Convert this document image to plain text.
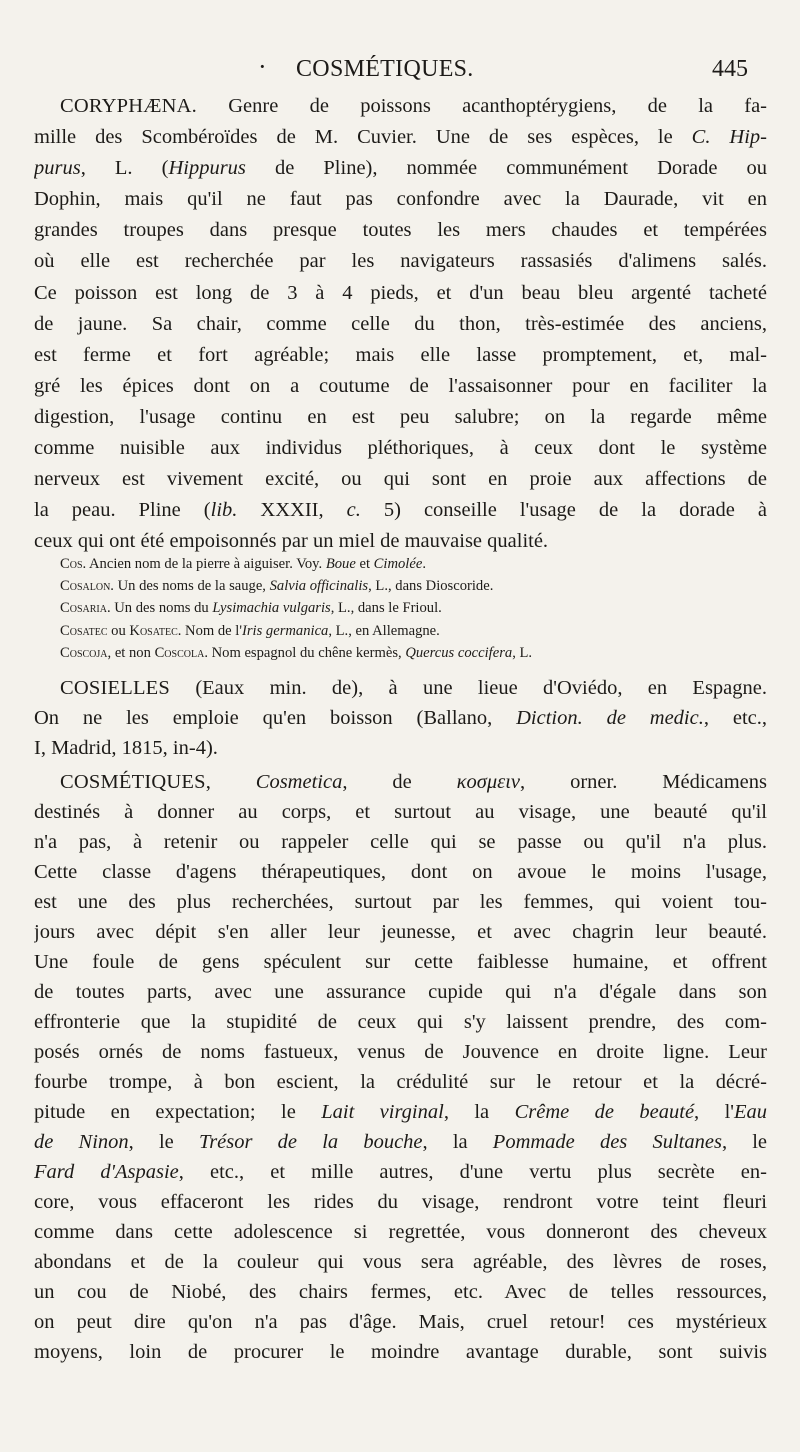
· COSMÉTIQUES.	445
CORYPHÆNA. Genre de poissons acanthoptérygiens, de la fa-
mille des Scombéroïdes de M. Cuvier. Une de ses espèces, le C. Hip-
purus, L. (Hippurus de Pline), nommée communément Dorade ou
Dophin, mais qu'il ne faut pas confondre avec la Daurade, vit en
grandes troupes dans presque toutes les mers chaudes et tempérées
où elle est recherchée par les navigateurs rassasiés d'alimens salés.
Ce poisson est long de 3 à 4 pieds, et d'un beau bleu argenté tacheté
de jaune. Sa chair, comme celle du thon, très-estimée des anciens,
est ferme et fort agréable; mais elle lasse promptement, et, mal-
gré les épices dont on a coutume de l'assaisonner pour en faciliter la
digestion, l'usage continu en est peu salubre; on la regarde même
comme nuisible aux individus pléthoriques, à ceux dont le système
nerveux est vivement excité, ou qui sont en proie aux affections de
la peau. Pline (lib. XXXII, c. 5) conseille l'usage de la dorade à
ceux qui ont été empoisonnés par un miel de mauvaise qualité.
Cos. Ancien nom de la pierre à aiguiser. Voy. Boue et Cimolée.
Cosalon. Un des noms de la sauge, Salvia officinalis, L., dans Dioscoride.
Cosaria. Un des noms du Lysimachia vulgaris, L., dans le Frioul.
Cosatec ou Kosatec. Nom de l'Iris germanica, L., en Allemagne.
Coscoja, et non Coscola. Nom espagnol du chêne kermès, Quercus coccifera, L.
COSIELLES (Eaux min. de), à une lieue d'Oviédo, en Espagne.
On ne les emploie qu'en boisson (Ballano, Diction. de medic., etc.,
I, Madrid, 1815, in-4).
COSMÉTIQUES, Cosmetica, de κοσμειν, orner. Médicamens
destinés à donner au corps, et surtout au visage, une beauté qu'il
n'a pas, à retenir ou rappeler celle qui se passe ou qu'il n'a plus.
Cette classe d'agens thérapeutiques, dont on avoue le moins l'usage,
est une des plus recherchées, surtout par les femmes, qui voient tou-
jours avec dépit s'en aller leur jeunesse, et avec chagrin leur beauté.
Une foule de gens spéculent sur cette faiblesse humaine, et offrent
de toutes parts, avec une assurance cupide qui n'a d'égale dans son
effronterie que la stupidité de ceux qui s'y laissent prendre, des com-
posés ornés de noms fastueux, venus de Jouvence en droite ligne. Leur
fourbe trompe, à bon escient, la crédulité sur le retour et la décré-
pitude en expectation; le Lait virginal, la Crême de beauté, l'Eau
de Ninon, le Trésor de la bouche, la Pommade des Sultanes, le
Fard d'Aspasie, etc., et mille autres, d'une vertu plus secrète en-
core, vous effaceront les rides du visage, rendront votre teint fleuri
comme dans cette adolescence si regrettée, vous donneront des cheveux
abondans et de la couleur qui vous sera agréable, des lèvres de roses,
un cou de Niobé, des chairs fermes, etc. Avec de telles ressources,
on peut dire qu'on n'a pas d'âge. Mais, cruel retour! ces mystérieux
moyens, loin de procurer le moindre avantage durable, sont suivis
